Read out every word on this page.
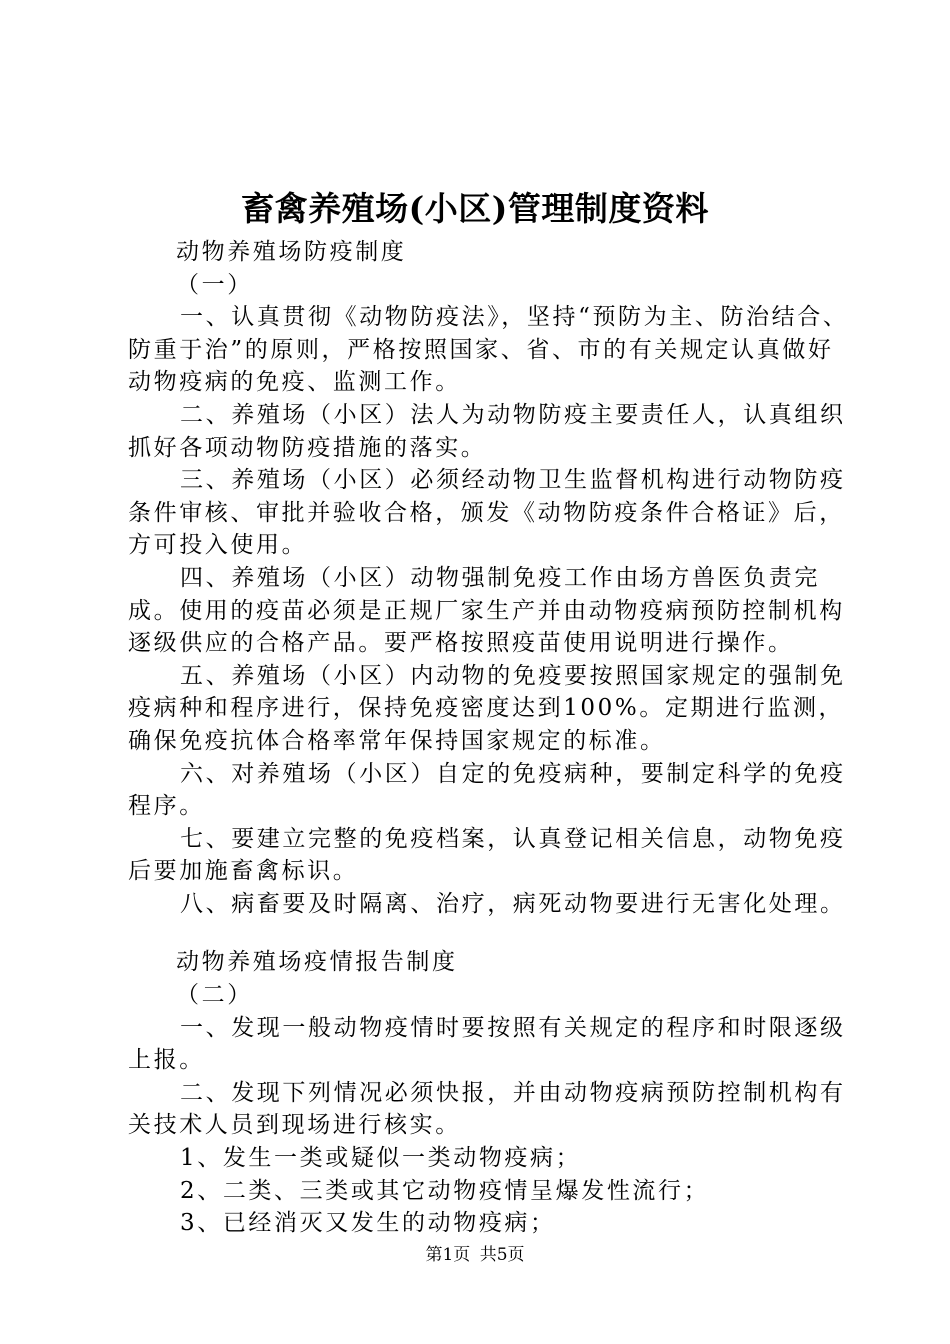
畜禽养殖场(小区)管理制度资料

动物养殖场防疫制度

（一）

一、认真贯彻《动物防疫法》，坚持“预防为主、防治结合、防重于治”的原则，严格按照国家、省、市的有关规定认真做好动物疫病的免疫、监测工作。

二、养殖场（小区）法人为动物防疫主要责任人，认真组织抓好各项动物防疫措施的落实。

三、养殖场（小区）必须经动物卫生监督机构进行动物防疫条件审核、审批并验收合格，颁发《动物防疫条件合格证》后，方可投入使用。

四、养殖场（小区）动物强制免疫工作由场方兽医负责完成。使用的疫苗必须是正规厂家生产并由动物疫病预防控制机构逐级供应的合格产品。要严格按照疫苗使用说明进行操作。

五、养殖场（小区）内动物的免疫要按照国家规定的强制免疫病种和程序进行，保持免疫密度达到100%。定期进行监测，确保免疫抗体合格率常年保持国家规定的标准。

六、对养殖场（小区）自定的免疫病种，要制定科学的免疫程序。

七、要建立完整的免疫档案，认真登记相关信息，动物免疫后要加施畜禽标识。

八、病畜要及时隔离、治疗，病死动物要进行无害化处理。

动物养殖场疫情报告制度

（二）

一、发现一般动物疫情时要按照有关规定的程序和时限逐级上报。

二、发现下列情况必须快报，并由动物疫病预防控制机构有关技术人员到现场进行核实。

1、发生一类或疑似一类动物疫病；

2、二类、三类或其它动物疫情呈爆发性流行；

3、已经消灭又发生的动物疫病；

第1页 共5页
